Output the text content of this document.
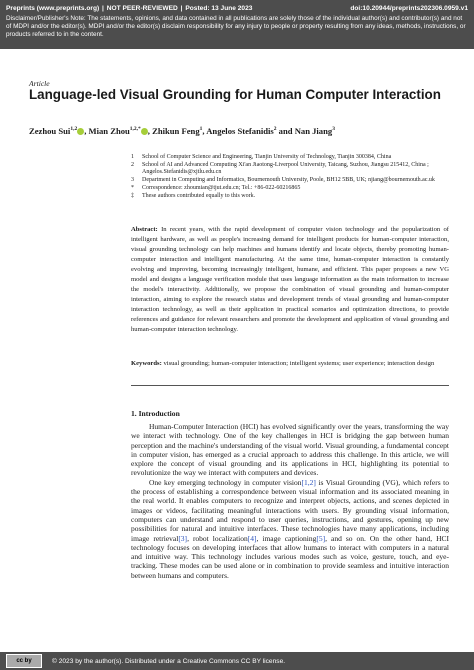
Preprints (www.preprints.org) | NOT PEER-REVIEWED | Posted: 13 June 2023	doi:10.20944/preprints202306.0959.v1
Disclaimer/Publisher's Note: The statements, opinions, and data contained in all publications are solely those of the individual author(s) and contributor(s) and not of MDPI and/or the editor(s). MDPI and/or the editor(s) disclaim responsibility for any injury to people or property resulting from any ideas, methods, instructions, or products referred to in the content.
Article
Language-led Visual Grounding for Human Computer Interaction
Zezhou Sui$^{1,2}$ , Mian Zhou$^{1,2,*}$ , Zhikun Feng$^1$, Angelos Stefanidis$^2$ and Nan Jiang$^3$
1	School of Computer Science and Engineering, Tianjin University of Technology, Tianjin 300384, China
2	School of AI and Advanced Computing Xi'an Jiaotong-Liverpool University, Taicang, Suzhou, Jiangsu 215412, China ; Angelos.Stefanidis@xjtlu.edu.cn
3	Department in Computing and Informatics, Bournemouth University, Poole, BH12 5BB, UK; njiang@bournemouth.ac.uk
*	Correspondence: zhoumian@tjut.edu.cn; Tel.: +86-022-60216865
‡	These authors contributed equally to this work.
Abstract: In recent years, with the rapid development of computer vision technology and the popularization of intelligent hardware, as well as people's increasing demand for intelligent products for human-computer interaction, visual grounding technology can help machines and humans identify and locate objects, thereby promoting human-computer interaction and intelligent manufacturing. At the same time, human-computer interaction is constantly evolving and improving, becoming increasingly intelligent, humane, and efficient. This paper proposes a new VG model and designs a language verification module that uses language information as the main information to increase the model's interactivity. Additionally, we propose the combination of visual grounding and human-computer interaction, aiming to explore the research status and development trends of visual grounding and human-computer interaction technology, as well as their application in practical scenarios and optimization directions, to provide references and guidance for relevant researchers and promote the development and application of visual grounding and human-computer interaction technology.
Keywords: visual grounding; human-computer interaction; intelligent systems; user experience; interaction design
1. Introduction

Human-Computer Interaction (HCI) has evolved significantly over the years, transforming the way we interact with technology. One of the key challenges in HCI is bridging the gap between human perception and the machine's understanding of the visual world. Visual grounding, a fundamental concept in computer vision, has emerged as a crucial approach to address this challenge. In this article, we will explore the concept of visual grounding and its applications in HCI, highlighting its potential to revolutionize the way we interact with computers and devices.

One key emerging technology in computer vision[1,2] is Visual Grounding (VG), which refers to the process of establishing a correspondence between visual information and its associated meaning in the real world. It enables computers to recognize and interpret objects, actions, and scenes depicted in images or videos, facilitating meaningful interactions with users. By grounding visual information, computers can understand and respond to user queries, instructions, and gestures, opening up new possibilities for natural and intuitive interfaces. These technologies have many applications, including image retrieval[3], robot localization[4], image captioning[5], and so on. On the other hand, HCI technology focuses on developing interfaces that allow humans to interact with computers in a natural and intuitive way. This technology includes various modes such as voice, gesture, touch, and eye-tracking. These modes can be used alone or in combination to provide seamless and intuitive interaction between humans and computers.

cc by	© 2023 by the author(s). Distributed under a Creative Commons CC BY license.
